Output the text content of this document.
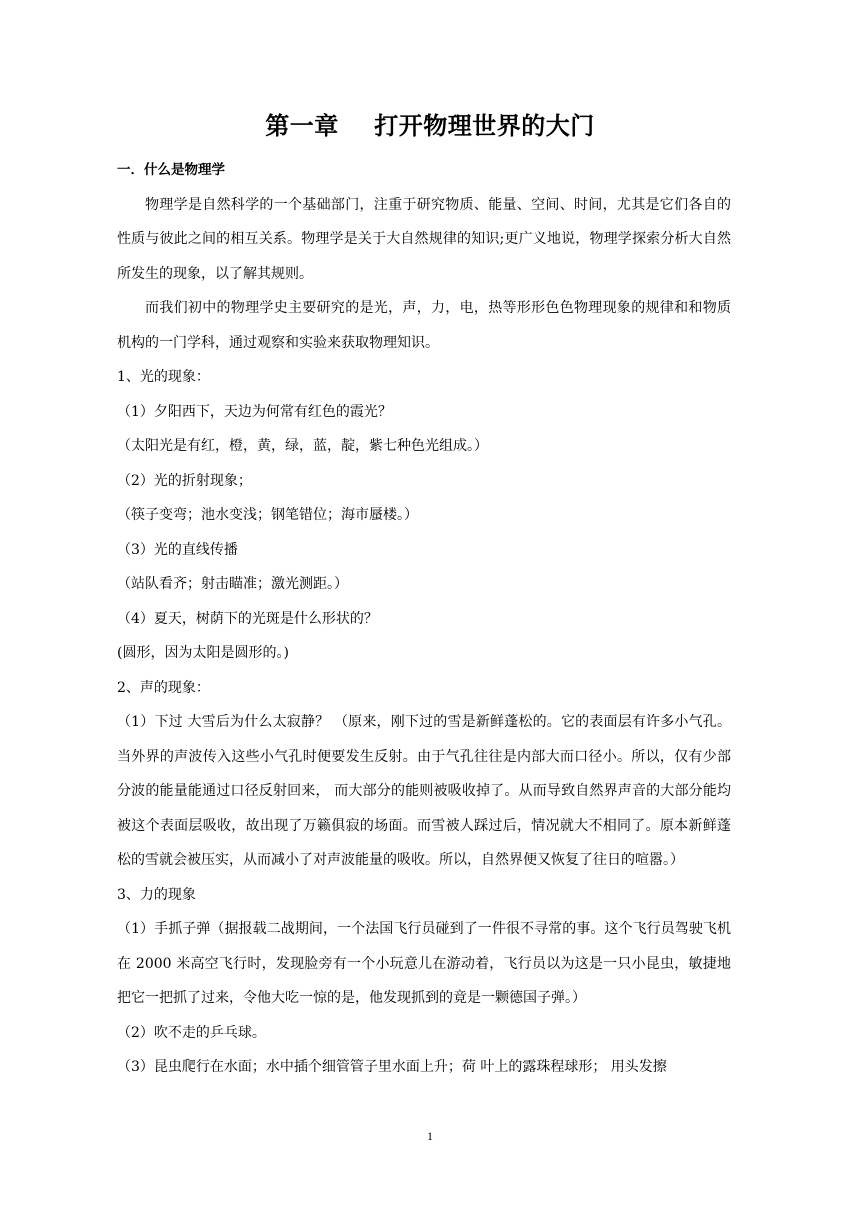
第一章    打开物理世界的大门

一．什么是物理学

物理学是自然科学的一个基础部门，注重于研究物质、能量、空间、时间，尤其是它们各自的性质与彼此之间的相互关系。物理学是关于大自然规律的知识;更广义地说，物理学探索分析大自然所发生的现象，以了解其规则。

而我们初中的物理学史主要研究的是光，声，力，电，热等形形色色物理现象的规律和和物质机构的一门学科，通过观察和实验来获取物理知识。

1、光的现象：

（1）夕阳西下，天边为何常有红色的霞光？

（太阳光是有红，橙，黄，绿，蓝，靛，紫七种色光组成。）

（2）光的折射现象；

（筷子变弯；池水变浅；钢笔错位；海市蜃楼。）

（3）光的直线传播

（站队看齐；射击瞄准；激光测距。）

（4）夏天，树荫下的光斑是什么形状的？

(圆形，因为太阳是圆形的。)

2、声的现象：

（1）下过 大雪后为什么太寂静？ （原来，刚下过的雪是新鲜蓬松的。它的表面层有许多小气孔。当外界的声波传入这些小气孔时便要发生反射。由于气孔往往是内部大而口径小。所以，仅有少部分波的能量能通过口径反射回来， 而大部分的能则被吸收掉了。从而导致自然界声音的大部分能均被这个表面层吸收，故出现了万籁俱寂的场面。而雪被人踩过后，情况就大不相同了。原本新鲜蓬松的雪就会被压实，从而减小了对声波能量的吸收。所以，自然界便又恢复了往日的喧嚣。）

3、力的现象

（1）手抓子弹（据报载二战期间，一个法国飞行员碰到了一件很不寻常的事。这个飞行员驾驶飞机在 2000 米高空飞行时，发现脸旁有一个小玩意儿在游动着，飞行员以为这是一只小昆虫，敏捷地把它一把抓了过来，令他大吃一惊的是，他发现抓到的竟是一颗德国子弹。）

（2）吹不走的乒乓球。

（3）昆虫爬行在水面；水中插个细管管子里水面上升；荷 叶上的露珠程球形； 用头发擦

1
